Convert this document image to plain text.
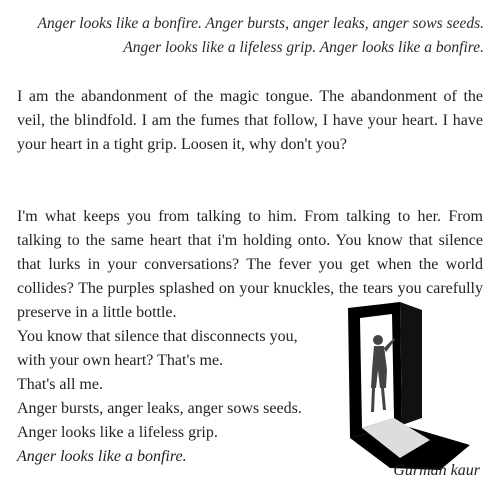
Anger looks like a bonfire. Anger bursts, anger leaks, anger sows seeds.
Anger looks like a lifeless grip. Anger looks like a bonfire.
I am the abandonment of the magic tongue. The abandonment of the veil, the blindfold. I am the fumes that follow, I have your heart. I have your heart in a tight grip. Loosen it, why don't you?
I'm what keeps you from talking to him. From talking to her. From talking to the same heart that i'm holding onto. You know that silence that lurks in your conversations? The fever you get when the world collides? The purples splashed on your knuckles, the tears you carefully preserve in a little bottle.
You know that silence that disconnects you,
with your own heart? That's me.
That's all me.
Anger bursts, anger leaks, anger sows seeds.
Anger looks like a lifeless grip.
Anger looks like a bonfire.
Gurman kaur
